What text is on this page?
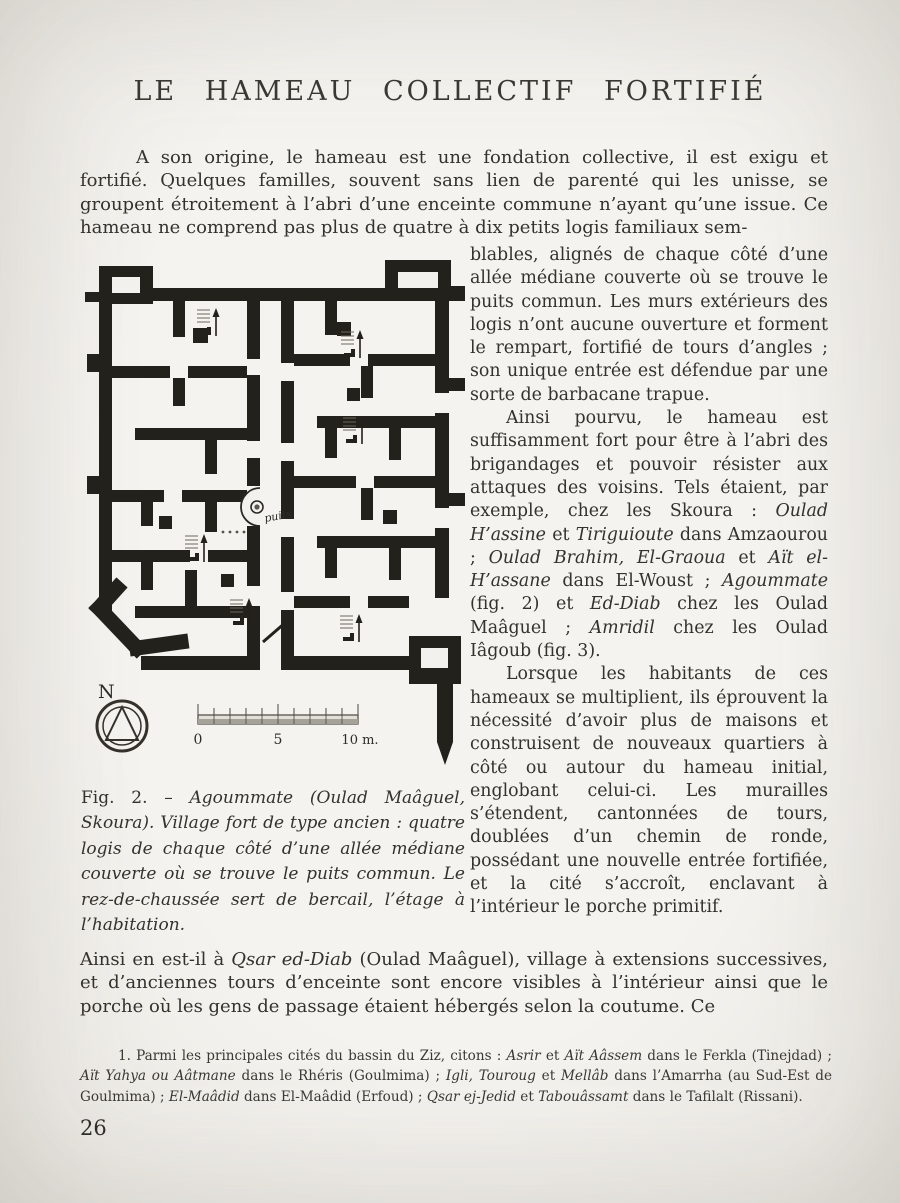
LE HAMEAU COLLECTIF FORTIFIÉ
A son origine, le hameau est une fondation collective, il est exigu et fortifié. Quelques familles, souvent sans lien de parenté qui les unisse, se groupent étroitement à l’abri d’une enceinte commune n’ayant qu’une issue. Ce hameau ne comprend pas plus de quatre à dix petits logis familiaux sem-
puits
N
0	5	10 m.

blables, alignés de chaque côté d’une allée médiane couverte où se trouve le puits commun. Les murs extérieurs des logis n’ont aucune ouverture et forment le rempart, fortifié de tours d’angles ; son unique entrée est défendue par une sorte de barbacane trapue.

Ainsi pourvu, le hameau est suffisamment fort pour être à l’abri des brigandages et pouvoir résister aux attaques des voisins. Tels étaient, par exemple, chez les Skoura : Oulad H’assine et Tiriguioute dans Amzaourou ; Oulad Brahim, El-Graoua et Aït el-H’assane dans El-Woust ; Agoummate (fig. 2) et Ed-Diab chez les Oulad Maâguel ; Amridil chez les Oulad Iâgoub (fig. 3).

Lorsque les habitants de ces hameaux se multiplient, ils éprouvent la nécessité d’avoir plus de maisons et construisent de nouveaux quartiers à côté ou autour du hameau initial, englobant celui-ci. Les murailles s’étendent, cantonnées de tours, doublées d’un chemin de ronde, possédant une nouvelle entrée fortifiée, et la cité s’accroît, enclavant à l’intérieur le porche primitif.

Fig. 2. – Agoummate (Oulad Maâguel, Skoura). Village fort de type ancien : quatre logis de chaque côté d’une allée médiane couverte où se trouve le puits commun. Le rez-de-chaussée sert de bercail, l’étage à l’habitation.
Ainsi en est-il à Qsar ed-Diab (Oulad Maâguel), village à extensions successives, et d’anciennes tours d’enceinte sont encore visibles à l’intérieur ainsi que le porche où les gens de passage étaient hébergés selon la coutume. Ce
1. Parmi les principales cités du bassin du Ziz, citons : Asrir et Aït Aâssem dans le Ferkla (Tinejdad) ; Aït Yahya ou Aâtmane dans le Rhéris (Goulmima) ; Igli, Touroug et Mellâb dans l’Amarrha (au Sud-Est de Goulmima) ; El-Maâdid dans El-Maâdid (Erfoud) ; Qsar ej-Jedid et Tabouâssamt dans le Tafilalt (Rissani).
26
